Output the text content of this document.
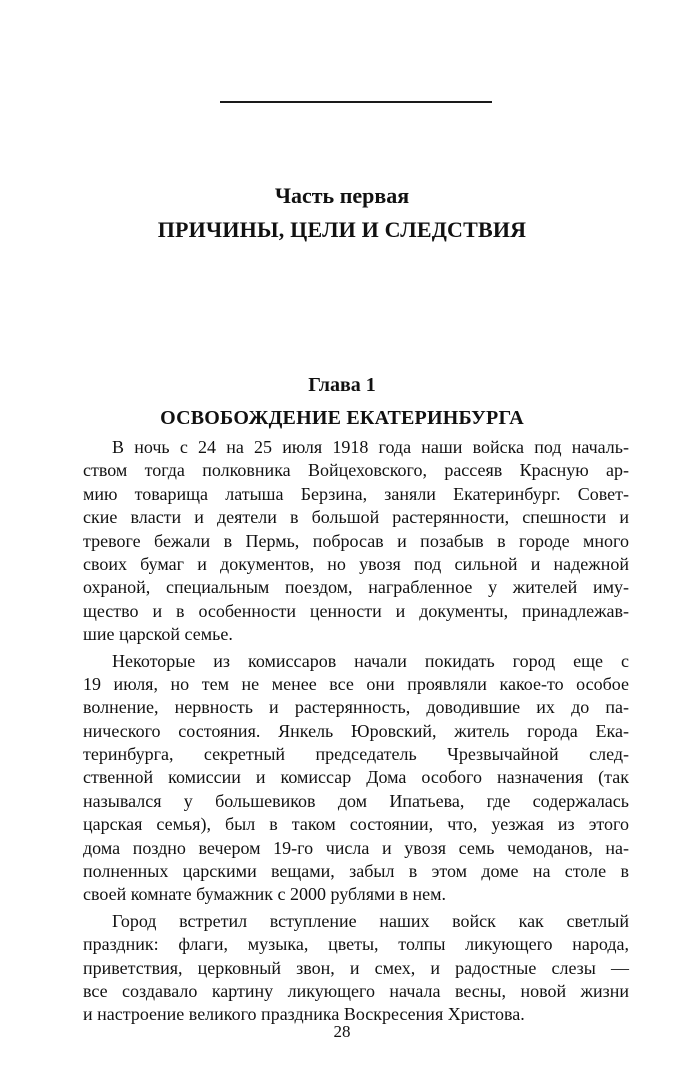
Часть первая
ПРИЧИНЫ, ЦЕЛИ И СЛЕДСТВИЯ
Глава 1
ОСВОБОЖДЕНИЕ ЕКАТЕРИНБУРГА
В ночь с 24 на 25 июля 1918 года наши войска под началь-
ством тогда полковника Войцеховского, рассеяв Красную ар-
мию товарища латыша Берзина, заняли Екатеринбург. Совет-
ские власти и деятели в большой растерянности, спешности и
тревоге бежали в Пермь, побросав и позабыв в городе много
своих бумаг и документов, но увозя под сильной и надежной
охраной, специальным поездом, награбленное у жителей иму-
щество и в особенности ценности и документы, принадлежав-
шие царской семье.
Некоторые из комиссаров начали покидать город еще с
19 июля, но тем не менее все они проявляли какое-то особое
волнение, нервность и растерянность, доводившие их до па-
нического состояния. Янкель Юровский, житель города Ека-
теринбурга, секретный председатель Чрезвычайной след-
ственной комиссии и комиссар Дома особого назначения (так
назывался у большевиков дом Ипатьева, где содержалась
царская семья), был в таком состоянии, что, уезжая из этого
дома поздно вечером 19-го числа и увозя семь чемоданов, на-
полненных царскими вещами, забыл в этом доме на столе в
своей комнате бумажник с 2000 рублями в нем.
Город встретил вступление наших войск как светлый
праздник: флаги, музыка, цветы, толпы ликующего народа,
приветствия, церковный звон, и смех, и радостные слезы —
все создавало картину ликующего начала весны, новой жизни
и настроение великого праздника Воскресения Христова.
28
